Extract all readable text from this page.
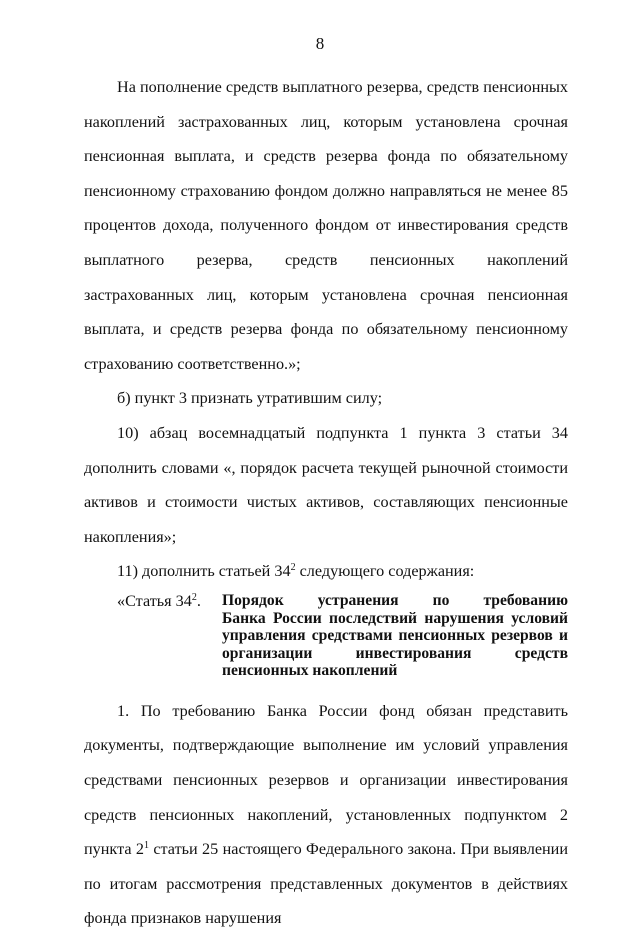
8

На пополнение средств выплатного резерва, средств пенсионных накоплений застрахованных лиц, которым установлена срочная пенсионная выплата, и средств резерва фонда по обязательному пенсионному страхованию фондом должно направляться не менее 85 процентов дохода, полученного фондом от инвестирования средств выплатного резерва, средств пенсионных накоплений застрахованных лиц, которым установлена срочная пенсионная выплата, и средств резерва фонда по обязательному пенсионному страхованию соответственно.»;

б) пункт 3 признать утратившим силу;

10) абзац восемнадцатый подпункта 1 пункта 3 статьи 34 дополнить словами «, порядок расчета текущей рыночной стоимости активов и стоимости чистых активов, составляющих пенсионные накопления»;

11) дополнить статьей $34^2$ следующего содержания:

«Статья $34^2$.	Порядок устранения по требованию
Банка России последствий нарушения условий
управления средствами пенсионных резервов и
организации инвестирования средств
пенсионных накоплений

1. По требованию Банка России фонд обязан представить документы, подтверждающие выполнение им условий управления средствами пенсионных резервов и организации инвестирования средств пенсионных накоплений, установленных подпунктом 2 пункта $2^1$ статьи 25 настоящего Федерального закона. При выявлении по итогам рассмотрения представленных документов в действиях фонда признаков нарушения
